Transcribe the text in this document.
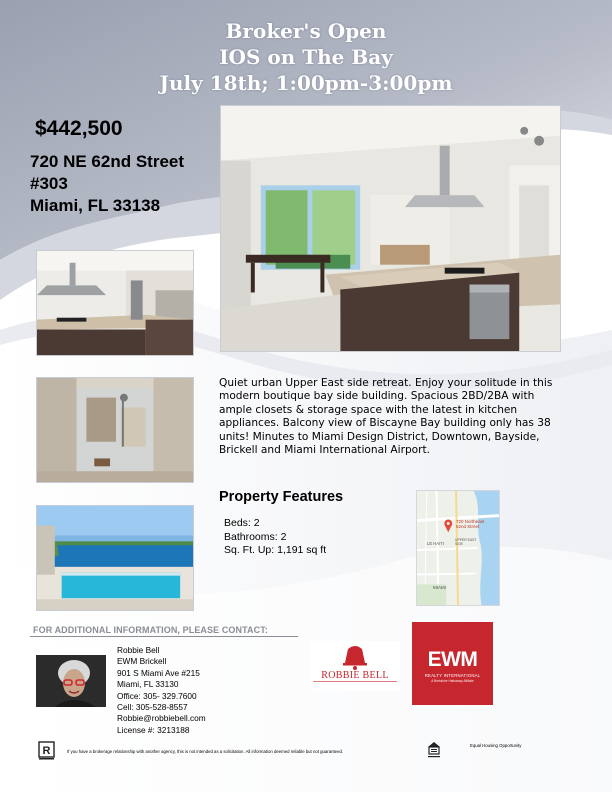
Broker's Open
IOS on The Bay
July 18th; 1:00pm-3:00pm
$442,500
720 NE 62nd Street
#303
Miami, FL 33138
Quiet urban Upper East side retreat. Enjoy your solitude in this modern boutique bay side building. Spacious 2BD/2BA with ample closets & storage space with the latest in kitchen appliances. Balcony view of Biscayne Bay building only has 38 units! Minutes to Miami Design District, Downtown, Bayside, Brickell and Miami International Airport.
Property Features
Beds: 2
Bathrooms: 2
Sq. Ft. Up: 1,191 sq ft
720 Northeast
62nd Street
LE HAITI
UPPER EAST SIDE
MIAMI
FOR ADDITIONAL INFORMATION, PLEASE CONTACT:
Robbie Bell
EWM Brickell
901 S Miami Ave #215
Miami, FL 33130
Office: 305- 329.7600
Cell: 305-528-8557
Robbie@robbiebell.com
License #: 3213188
ROBBIE BELL
EWM
REALTY INTERNATIONAL
A Berkshire Hathaway Affiliate
R	If you have a brokerage relationship with another agency, this is not intended as a solicitation. All information deemed reliable but not guaranteed.
Equal Housing Opportunity
